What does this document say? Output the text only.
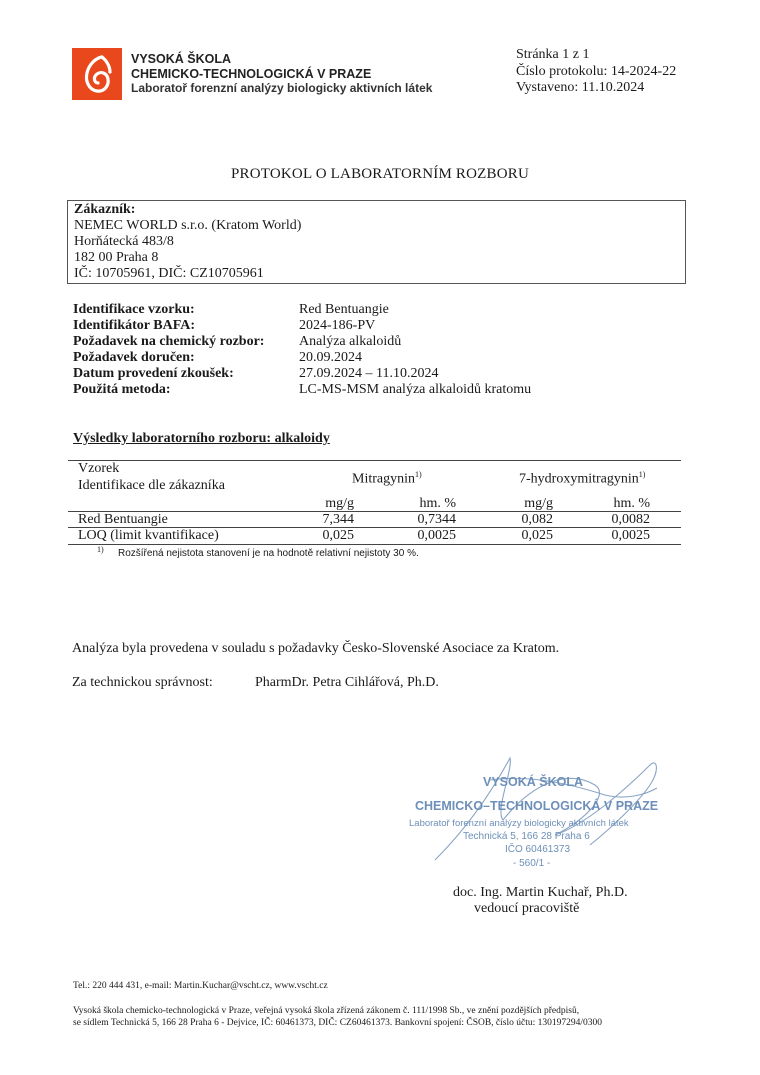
VYSOKÁ ŠKOLA
CHEMICKO-TECHNOLOGICKÁ V PRAZE
Laboratoř forenzní analýzy biologicky aktivních látek
Stránka 1 z 1
Číslo protokolu: 14-2024-22
Vystaveno: 11.10.2024
PROTOKOL O LABORATORNÍM ROZBORU
Zákazník:
NEMEC WORLD s.r.o. (Kratom World)
Horňátecká 483/8
182 00 Praha 8
IČ: 10705961, DIČ: CZ10705961
Identifikace vzorku:	Red Bentuangie
Identifikátor BAFA:	2024-186-PV
Požadavek na chemický rozbor: Analýza alkaloidů
Požadavek doručen:	20.09.2024
Datum provedení zkoušek:	27.09.2024 – 11.10.2024
Použitá metoda:	LC-MS-MSM analýza alkaloidů kratomu
Výsledky laboratorního rozboru: alkaloidy
Vzorek
Identifikace dle zákazníka	Mitragynin$^{1)}$	7-hydroxymitragynin$^{1)}$
mg/g	hm. %	mg/g	hm. %
Red Bentuangie	7,344	0,7344	0,082	0,0082
LOQ (limit kvantifikace)	0,025	0,0025	0,025	0,0025
1) Rozšířená nejistota stanovení je na hodnotě relativní nejistoty 30 %.
Analýza byla provedena v souladu s požadavky Česko-Slovenské Asociace za Kratom.
Za technickou správnost:	PharmDr. Petra Cihlářová, Ph.D.
VYSOKÁ ŠKOLA
CHEMICKO–TECHNOLOGICKÁ V PRAZE
Laboratoř forenzní analýzy biologicky aktivních látek
Technická 5, 166 28 Praha 6
IČO 60461373
- 560/1 -
doc. Ing. Martin Kuchař, Ph.D.
vedoucí pracoviště
Tel.: 220 444 431, e-mail: Martin.Kuchar@vscht.cz, www.vscht.cz
Vysoká škola chemicko-technologická v Praze, veřejná vysoká škola zřízená zákonem č. 111/1998 Sb., ve znění pozdějších předpisů,
se sídlem Technická 5, 166 28 Praha 6 - Dejvice, IČ: 60461373, DIČ: CZ60461373. Bankovní spojení: ČSOB, číslo účtu: 130197294/0300
